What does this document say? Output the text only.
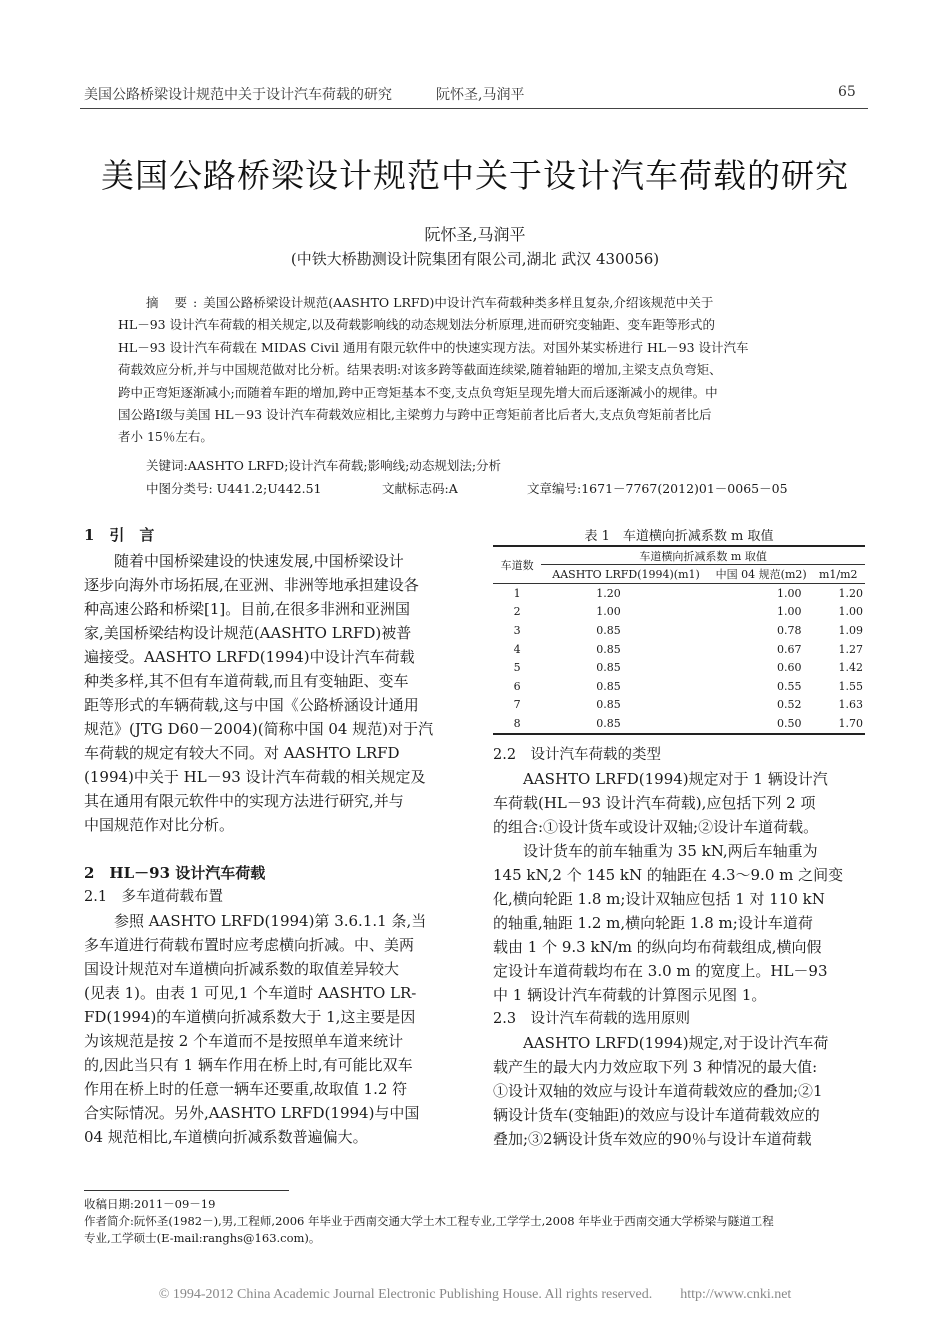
美国公路桥梁设计规范中关于设计汽车荷载的研究	阮怀圣,马润平	65
美国公路桥梁设计规范中关于设计汽车荷载的研究
阮怀圣,马润平
(中铁大桥勘测设计院集团有限公司,湖北 武汉 430056)
摘 要:美国公路桥梁设计规范(AASHTO LRFD)中设计汽车荷载种类多样且复杂,介绍该规范中关于
HL－93 设计汽车荷载的相关规定,以及荷载影响线的动态规划法分析原理,进而研究变轴距、变车距等形式的
HL－93 设计汽车荷载在 MIDAS Civil 通用有限元软件中的快速实现方法。对国外某实桥进行 HL－93 设计汽车
荷载效应分析,并与中国规范做对比分析。结果表明:对该多跨等截面连续梁,随着轴距的增加,主梁支点负弯矩、
跨中正弯矩逐渐减小;而随着车距的增加,跨中正弯矩基本不变,支点负弯矩呈现先增大而后逐渐减小的规律。中
国公路Ⅰ级与美国 HL－93 设计汽车荷载效应相比,主梁剪力与跨中正弯矩前者比后者大,支点负弯矩前者比后
者小 15％左右。
关键词:AASHTO LRFD;设计汽车荷载;影响线;动态规划法;分析
中图分类号: U441.2;U442.51	文献标志码:A	文章编号:1671－7767(2012)01－0065－05
1　引　言
随着中国桥梁建设的快速发展,中国桥梁设计
逐步向海外市场拓展,在亚洲、非洲等地承担建设各
种高速公路和桥梁[1]。目前,在很多非洲和亚洲国
家,美国桥梁结构设计规范(AASHTO LRFD)被普
遍接受。AASHTO LRFD(1994)中设计汽车荷载
种类多样,其不但有车道荷载,而且有变轴距、变车
距等形式的车辆荷载,这与中国《公路桥涵设计通用
规范》(JTG D60－2004)(简称中国 04 规范)对于汽
车荷载的规定有较大不同。对 AASHTO LRFD
(1994)中关于 HL－93 设计汽车荷载的相关规定及
其在通用有限元软件中的实现方法进行研究,并与
中国规范作对比分析。
2　HL－93 设计汽车荷载
2.1　多车道荷载布置
参照 AASHTO LRFD(1994)第 3.6.1.1 条,当
多车道进行荷载布置时应考虑横向折减。中、美两
国设计规范对车道横向折减系数的取值差异较大
(见表 1)。由表 1 可见,1 个车道时 AASHTO LR-
FD(1994)的车道横向折减系数大于 1,这主要是因
为该规范是按 2 个车道而不是按照单车道来统计
的,因此当只有 1 辆车作用在桥上时,有可能比双车
作用在桥上时的任意一辆车还要重,故取值 1.2 符
合实际情况。另外,AASHTO LRFD(1994)与中国
04 规范相比,车道横向折减系数普遍偏大。
表 1　车道横向折减系数 m 取值
车道数	车道横向折减系数 m 取值		
	AASHTO LRFD(1994)(m1)	中国 04 规范(m2)	m1/m2
1	1.20	1.00	1.20
2	1.00	1.00	1.00
3	0.85	0.78	1.09
4	0.85	0.67	1.27
5	0.85	0.60	1.42
6	0.85	0.55	1.55
7	0.85	0.52	1.63
8	0.85	0.50	1.70
2.2　设计汽车荷载的类型
AASHTO LRFD(1994)规定对于 1 辆设计汽
车荷载(HL－93 设计汽车荷载),应包括下列 2 项
的组合:①设计货车或设计双轴;②设计车道荷载。
设计货车的前车轴重为 35 kN,两后车轴重为
145 kN,2 个 145 kN 的轴距在 4.3～9.0 m 之间变
化,横向轮距 1.8 m;设计双轴应包括 1 对 110 kN
的轴重,轴距 1.2 m,横向轮距 1.8 m;设计车道荷
载由 1 个 9.3 kN/m 的纵向均布荷载组成,横向假
定设计车道荷载均布在 3.0 m 的宽度上。HL－93
中 1 辆设计汽车荷载的计算图示见图 1。
2.3　设计汽车荷载的选用原则
AASHTO LRFD(1994)规定,对于设计汽车荷
载产生的最大内力效应取下列 3 种情况的最大值:
①设计双轴的效应与设计车道荷载效应的叠加;②1
辆设计货车(变轴距)的效应与设计车道荷载效应的
叠加;③2辆设计货车效应的90％与设计车道荷载
收稿日期:2011－09－19
作者简介:阮怀圣(1982－),男,工程师,2006 年毕业于西南交通大学土木工程专业,工学学士,2008 年毕业于西南交通大学桥梁与隧道工程
专业,工学硕士(E-mail:ranghs@163.com)。
© 1994-2012 China Academic Journal Electronic Publishing House. All rights reserved.　　http://www.cnki.net
